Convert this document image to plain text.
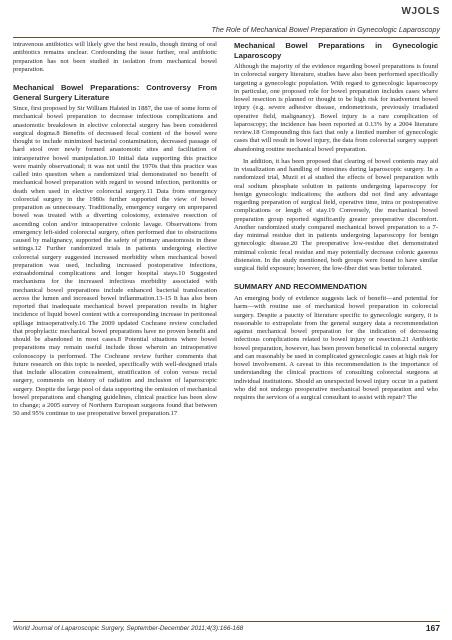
WJOLS
The Role of Mechanical Bowel Preparation in Gynecologic Laparoscopy

intravenous antibiotics will likely give the best results, though timing of oral antibiotics remains unclear. Confounding the issue further, oral antibiotic preparation has not been studied in isolation from mechanical bowel preparation.

Mechanical Bowel Preparations: Controversy From General Surgery Literature

Since, first proposed by Sir William Halsted in 1887, the use of some form of mechanical bowel preparation to decrease infectious complications and anastomotic breakdown in elective colorectal surgery has been considered surgical dogma.8 Benefits of decreased fecal content of the bowel were thought to include minimized bacterial contamination, decreased passage of hard stool over newly formed anastomotic sites and facilitation of intraoperative bowel manipulation.10 Initial data supporting this practice were mainly observational; it was not until the 1970s that this practice was called into question when a randomized trial demonstrated no benefit of mechanical bowel preparation with regard to wound infection, peritonitis or death when used in elective colorectal surgery.11 Data from emergency colorectal surgery in the 1980s further supported the view of bowel preparation as unnecessary. Traditionally, emergency surgery on unprepared bowel was treated with a diverting colostomy, extensive resection of ascending colon and/or intraoperative colonic lavage. Observations from emergency left-sided colorectal surgery, often performed due to obstructions caused by malignancy, supported the safety of primary anastomosis in these settings.12 Further randomized trials in patients undergoing elective colorectal surgery suggested increased morbidity when mechanical bowel preparation was used, including increased postoperative infections, extraabdominal complications and longer hospital stays.10 Suggested mechanisms for the increased infectious morbidity associated with mechanical bowel preparations include enhanced bacterial translocation across the lumen and increased bowel inflammation.13-15 It has also been reported that inadequate mechanical bowel preparation results in higher incidence of liquid bowel content with a corresponding increase in peritoneal spillage intraoperatively.16 The 2009 updated Cochrane review concluded that prophylactic mechanical bowel preparations have no proven benefit and should be abandoned in most cases.8 Potential situations where bowel preparations may remain useful include those wherein an intraoperative colonoscopy is performed. The Cochrane review further comments that future research on this topic is needed, specifically with well-designed trials that include allocation concealment, stratification of colon versus rectal surgery, comments on history of radiation and inclusion of laparoscopic surgery. Despite the large pool of data supporting the omission of mechanical bowel preparations and changing guidelines, clinical practice has been slow to change; a 2005 survey of Northern European surgeons found that between 50 and 95% continue to use preoperative bowel preparation.17

Mechanical Bowel Preparations in Gynecologic Laparoscopy

Although the majority of the evidence regarding bowel preparations is found in colorectal surgery literature, studies have also been performed specifically targeting a gynecologic population. With regard to gynecologic laparoscopy in particular, one proposed role for bowel preparation includes cases where bowel resection is planned or thought to be high risk for inadvertent bowel injury (e.g. severe adhesive disease, endometriosis, previously irradiated operative field, malignancy). Bowel injury is a rare complication of laparoscopy; the incidence has been reported at 0.13% by a 2004 literature review.18 Compounding this fact that only a limited number of gynecologic cases that will result in bowel injury, the data from colorectal surgery support abandoning routine mechanical bowel preparation.

In addition, it has been proposed that clearing of bowel contents may aid in visualization and handling of intestines during laparoscopic surgery. In a randomized trial, Muzii et al studied the effects of bowel preparation with oral sodium phosphate solution in patients undergoing laparoscopy for benign gynecologic indications; the authors did not find any advantage regarding preparation of surgical field, operative time, intra or postoperative complications or length of stay.19 Conversely, the mechanical bowel preparation group reported significantly greater preoperative discomfort. Another randomized study compared mechanical bowel preparation to a 7-day minimal residue diet in patients undergoing laparoscopy for benign gynecologic disease.20 The preoperative low-residue diet demonstrated minimal colonic fecal residue and may potentially decrease colonic gaseous distension. In the study mentioned, both groups were found to have similar surgical field exposure; however, the low-fiber diet was better tolerated.

SUMMARY AND RECOMMENDATION

An emerging body of evidence suggests lack of benefit—and potential for harm—with routine use of mechanical bowel preparation in colorectal surgery. Despite a paucity of literature specific to gynecologic surgery, it is reasonable to extrapolate from the general surgery data a recommendation against mechanical bowel preparation for the indication of decreasing infectious complications related to bowel injury or resection.21 Antibiotic bowel preparation, however, has been proven beneficial in colorectal surgery and can reasonably be used in complicated gynecologic cases at high risk for bowel involvement. A caveat to this recommendation is the importance of understanding the clinical practices of consulting colorectal surgeons at individual institutions. Should an unexpected bowel injury occur in a patient who did not undergo preoperative mechanical bowel preparation and who requires the services of a surgical consultant to assist with repair? The

World Journal of Laparoscopic Surgery, September-December 2011;4(3):166-168	167
